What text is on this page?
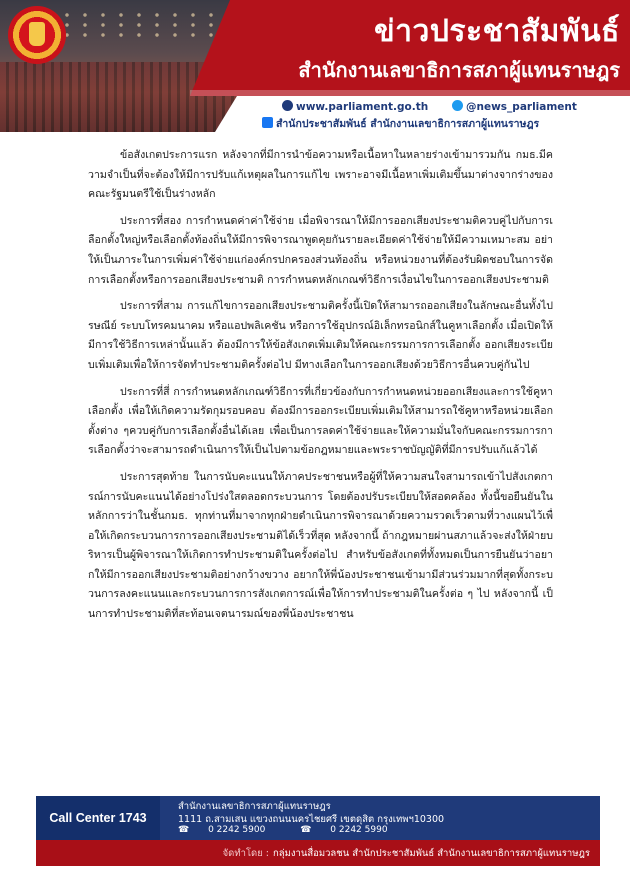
ข่าวประชาสัมพันธ์
สำนักงานเลขาธิการสภาผู้แทนราษฎร
www.parliament.go.th	@news_parliament
สำนักประชาสัมพันธ์ สำนักงานเลขาธิการสภาผู้แทนราษฎร

ข้อสังเกตประการแรก หลังจากที่มีการนำข้อความหรือเนื้อหาในหลายร่างเข้ามารวมกัน กมธ.มีความจำเป็นที่จะต้องให้มีการปรับแก้เหตุผลในการแก้ไข เพราะอาจมีเนื้อหาเพิ่มเติมขึ้นมาต่างจากร่างของคณะรัฐมนตรีใช้เป็นร่างหลัก

ประการที่สอง การกำหนดค่าค่าใช้จ่าย เมื่อพิจารณาให้มีการออกเสียงประชามติควบคู่ไปกับการเลือกตั้งใหญ่หรือเลือกตั้งท้องถิ่นให้มีการพิจารณาพูดคุยกันรายละเอียดค่าใช้จ่ายให้มีความเหมาะสม อย่าให้เป็นภาระในการเพิ่มค่าใช้จ่ายแก่องค์กรปกครองส่วนท้องถิ่น หรือหน่วยงานที่ต้องรับผิดชอบในการจัดการเลือกตั้งหรือการออกเสียงประชามติ การกำหนดหลักเกณฑ์วิธีการเงื่อนไขในการออกเสียงประชามติ

ประการที่สาม การแก้ไขการออกเสียงประชามติครั้งนี้เปิดให้สามารถออกเสียงในลักษณะอื่นทั้งไปรษณีย์ ระบบโทรคมนาคม หรือแอปพลิเคชัน หรือการใช้อุปกรณ์อิเล็กทรอนิกส์ในคูหาเลือกตั้ง เมื่อเปิดให้มีการใช้วิธีการเหล่านั้นแล้ว ต้องมีการให้ข้อสังเกตเพิ่มเติมให้คณะกรรมการการเลือกตั้ง ออกเสียงระเบียบเพิ่มเติมเพื่อให้การจัดทำประชามติครั้งต่อไป มีทางเลือกในการออกเสียงด้วยวิธีการอื่นควบคู่กันไป

ประการที่สี่ การกำหนดหลักเกณฑ์วิธีการที่เกี่ยวข้องกับการกำหนดหน่วยออกเสียงและการใช้คูหาเลือกตั้ง เพื่อให้เกิดความรัดกุมรอบคอบ ต้องมีการออกระเบียบเพิ่มเติมให้สามารถใช้คูหาหรือหน่วยเลือกตั้งต่าง ๆควบคู่กับการเลือกตั้งอื่นได้เลย เพื่อเป็นการลดค่าใช้จ่ายและให้ความมั่นใจกับคณะกรรมการการเลือกตั้งว่าจะสามารถดำเนินการให้เป็นไปตามข้อกฎหมายและพระราชบัญญัติที่มีการปรับแก้แล้วได้

ประการสุดท้าย ในการนับคะแนนให้ภาคประชาชนหรือผู้ที่ให้ความสนใจสามารถเข้าไปสังเกตการณ์การนับคะแนนได้อย่างโปร่งใสตลอดกระบวนการ โดยต้องปรับระเบียบให้สอดคล้อง ทั้งนี้ขอยืนยันในหลักการว่าในชั้นกมธ. ทุกท่านที่มาจากทุกฝ่ายดำเนินการพิจารณาด้วยความรวดเร็วตามที่วางแผนไว้เพื่อให้เกิดกระบวนการการออกเสียงประชามติได้เร็วที่สุด หลังจากนี้ ถ้ากฎหมายผ่านสภาแล้วจะส่งให้ฝ่ายบริหารเป็นผู้พิจารณาให้เกิดการทำประชามติในครั้งต่อไป สำหรับข้อสังเกตที่ทั้งหมดเป็นการยืนยันว่าอยากให้มีการออกเสียงประชามติอย่างกว้างขวาง อยากให้พี่น้องประชาชนเข้ามามีส่วนร่วมมากที่สุดทั้งกระบวนการลงคะแนนและกระบวนการการสังเกตการณ์เพื่อให้การทำประชามติในครั้งต่อ ๆ ไป หลังจากนี้ เป็นการทำประชามติที่สะท้อนเจตนารมณ์ของพี่น้องประชาชน

Call Center 1743
สำนักงานเลขาธิการสภาผู้แทนราษฎร
1111 ถ.สามเสน แขวงถนนนครไชยศรี เขตดุสิต กรุงเทพฯ10300
☎ 0 2242 5900	☎ 0 2242 5990
จัดทำโดย : กลุ่มงานสื่อมวลชน สำนักประชาสัมพันธ์ สำนักงานเลขาธิการสภาผู้แทนราษฎร
